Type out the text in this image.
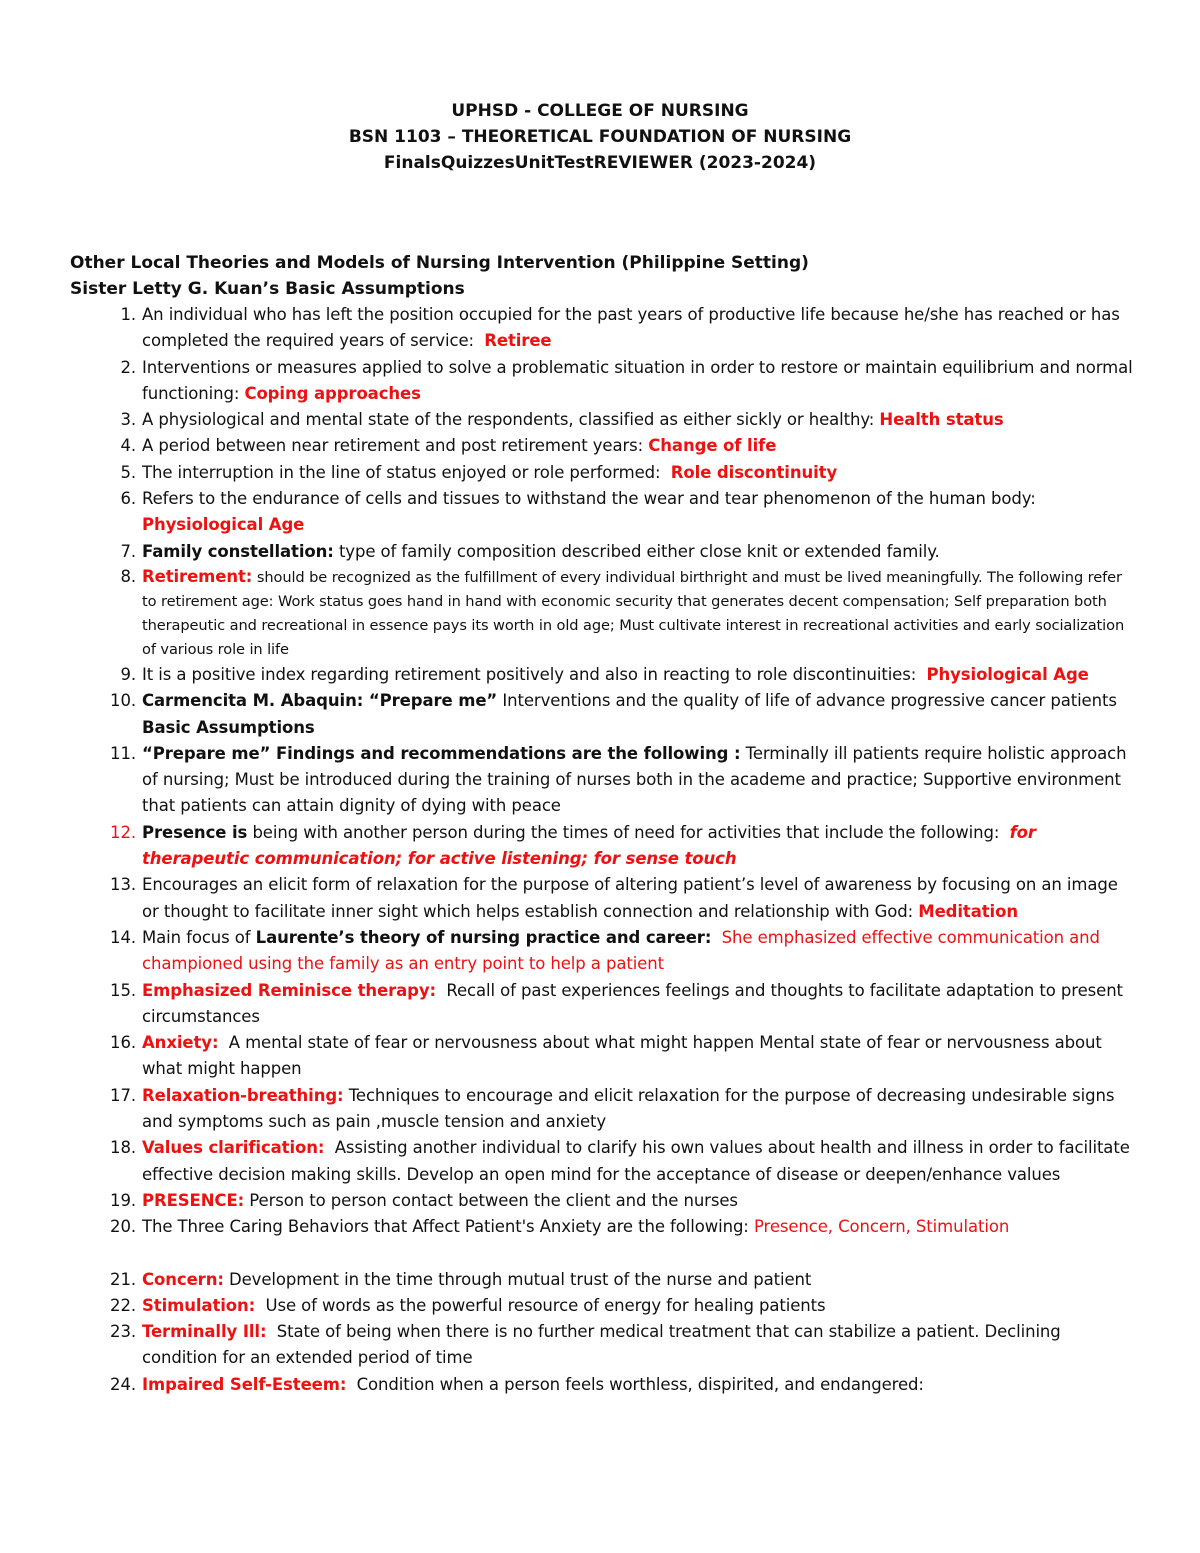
UPHSD - COLLEGE OF NURSING
BSN 1103 – THEORETICAL FOUNDATION OF NURSING
FinalsQuizzesUnitTestREVIEWER (2023-2024)
Other Local Theories and Models of Nursing Intervention (Philippine Setting)
Sister Letty G. Kuan’s Basic Assumptions
1. An individual who has left the position occupied for the past years of productive life because he/she has reached or has completed the required years of service: Retiree
2. Interventions or measures applied to solve a problematic situation in order to restore or maintain equilibrium and normal functioning: Coping approaches
3. A physiological and mental state of the respondents, classified as either sickly or healthy: Health status
4. A period between near retirement and post retirement years: Change of life
5. The interruption in the line of status enjoyed or role performed: Role discontinuity
6. Refers to the endurance of cells and tissues to withstand the wear and tear phenomenon of the human body: Physiological Age
7. Family constellation: type of family composition described either close knit or extended family.
8. Retirement: should be recognized as the fulfillment of every individual birthright and must be lived meaningfully. The following refer to retirement age: Work status goes hand in hand with economic security that generates decent compensation; Self preparation both therapeutic and recreational in essence pays its worth in old age; Must cultivate interest in recreational activities and early socialization of various role in life
9. It is a positive index regarding retirement positively and also in reacting to role discontinuities: Physiological Age
10. Carmencita M. Abaquin: “Prepare me” Interventions and the quality of life of advance progressive cancer patients Basic Assumptions
11. “Prepare me” Findings and recommendations are the following : Terminally ill patients require holistic approach of nursing; Must be introduced during the training of nurses both in the academe and practice; Supportive environment that patients can attain dignity of dying with peace
12. Presence is being with another person during the times of need for activities that include the following: for therapeutic communication; for active listening; for sense touch
13. Encourages an elicit form of relaxation for the purpose of altering patient’s level of awareness by focusing on an image or thought to facilitate inner sight which helps establish connection and relationship with God: Meditation
14. Main focus of Laurente’s theory of nursing practice and career: She emphasized effective communication and championed using the family as an entry point to help a patient
15. Emphasized Reminisce therapy: Recall of past experiences feelings and thoughts to facilitate adaptation to present circumstances
16. Anxiety: A mental state of fear or nervousness about what might happen Mental state of fear or nervousness about what might happen
17. Relaxation-breathing: Techniques to encourage and elicit relaxation for the purpose of decreasing undesirable signs and symptoms such as pain ,muscle tension and anxiety
18. Values clarification: Assisting another individual to clarify his own values about health and illness in order to facilitate effective decision making skills. Develop an open mind for the acceptance of disease or deepen/enhance values
19. PRESENCE: Person to person contact between the client and the nurses
20. The Three Caring Behaviors that Affect Patient's Anxiety are the following: Presence, Concern, Stimulation
21. Concern: Development in the time through mutual trust of the nurse and patient
22. Stimulation: Use of words as the powerful resource of energy for healing patients
23. Terminally Ill: State of being when there is no further medical treatment that can stabilize a patient. Declining condition for an extended period of time
24. Impaired Self-Esteem: Condition when a person feels worthless, dispirited, and endangered:
